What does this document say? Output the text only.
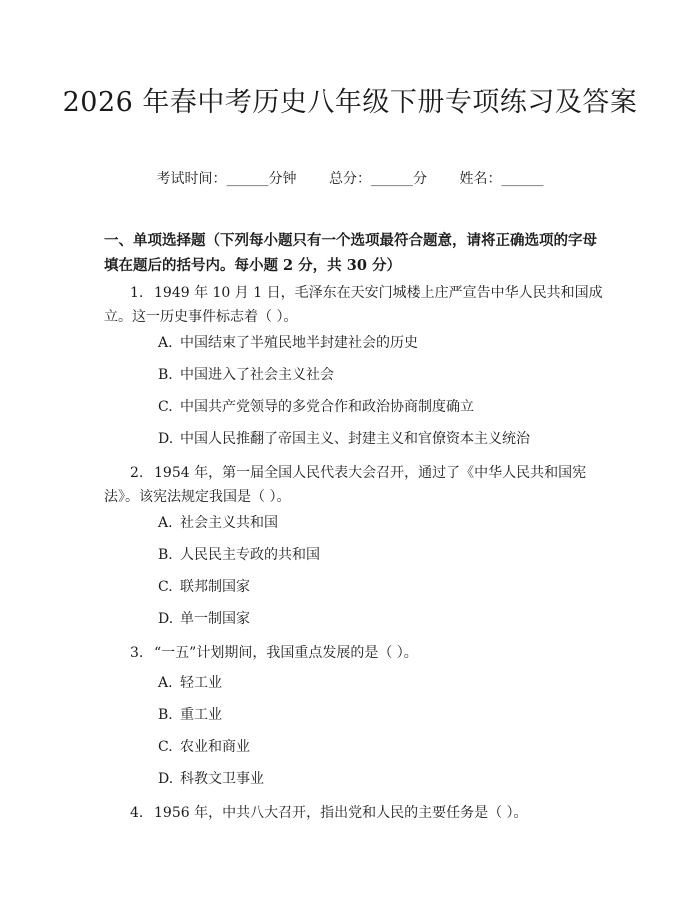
2026 年春中考历史八年级下册专项练习及答案
考试时间：______分钟 总分：______分 姓名：______
一、单项选择题（下列每小题只有一个选项最符合题意，请将正确选项的字母填在题后的括号内。每小题 2 分，共 30 分）
1. 1949 年 10 月 1 日，毛泽东在天安门城楼上庄严宣告中华人民共和国成立。这一历史事件标志着（ ）。
A. 中国结束了半殖民地半封建社会的历史
B. 中国进入了社会主义社会
C. 中国共产党领导的多党合作和政治协商制度确立
D. 中国人民推翻了帝国主义、封建主义和官僚资本主义统治
2. 1954 年，第一届全国人民代表大会召开，通过了《中华人民共和国宪法》。该宪法规定我国是（ ）。
A. 社会主义共和国
B. 人民民主专政的共和国
C. 联邦制国家
D. 单一制国家
3. “一五”计划期间，我国重点发展的是（ ）。
A. 轻工业
B. 重工业
C. 农业和商业
D. 科教文卫事业
4. 1956 年，中共八大召开，指出党和人民的主要任务是（ ）。
